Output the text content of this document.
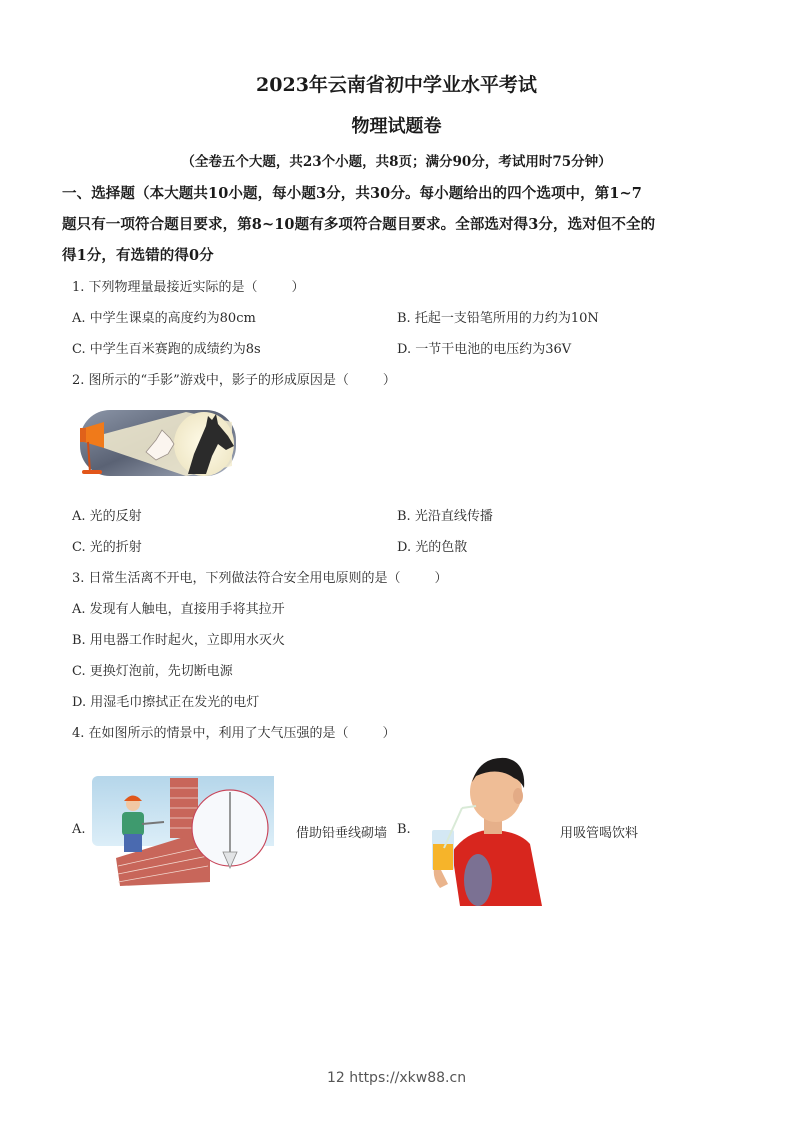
2023年云南省初中学业水平考试
物理试题卷
（全卷五个大题，共23个小题，共8页；满分90分，考试用时75分钟）
一、选择题（本大题共10小题，每小题3分，共30分。每小题给出的四个选项中，第1~7
题只有一项符合题目要求，第8~10题有多项符合题目要求。全部选对得3分，选对但不全的
得1分，有选错的得0分
1. 下列物理量最接近实际的是（	）
A. 中学生课桌的高度约为80cm	B. 托起一支铅笔所用的力约为10N
C. 中学生百米赛跑的成绩约为8s	D. 一节干电池的电压约为36V
2. 图所示的“手影”游戏中，影子的形成原因是（	）
A. 光的反射	B. 光沿直线传播
C. 光的折射	D. 光的色散
3. 日常生活离不开电，下列做法符合安全用电原则的是（	）
A. 发现有人触电，直接用手将其拉开
B. 用电器工作时起火，立即用水灭火
C. 更换灯泡前，先切断电源
D. 用湿毛巾擦拭正在发光的电灯
4. 在如图所示的情景中，利用了大气压强的是（	）
A.	借助铅垂线砌墙 B.	用吸管喝饮料
12 https://xkw88.cn
